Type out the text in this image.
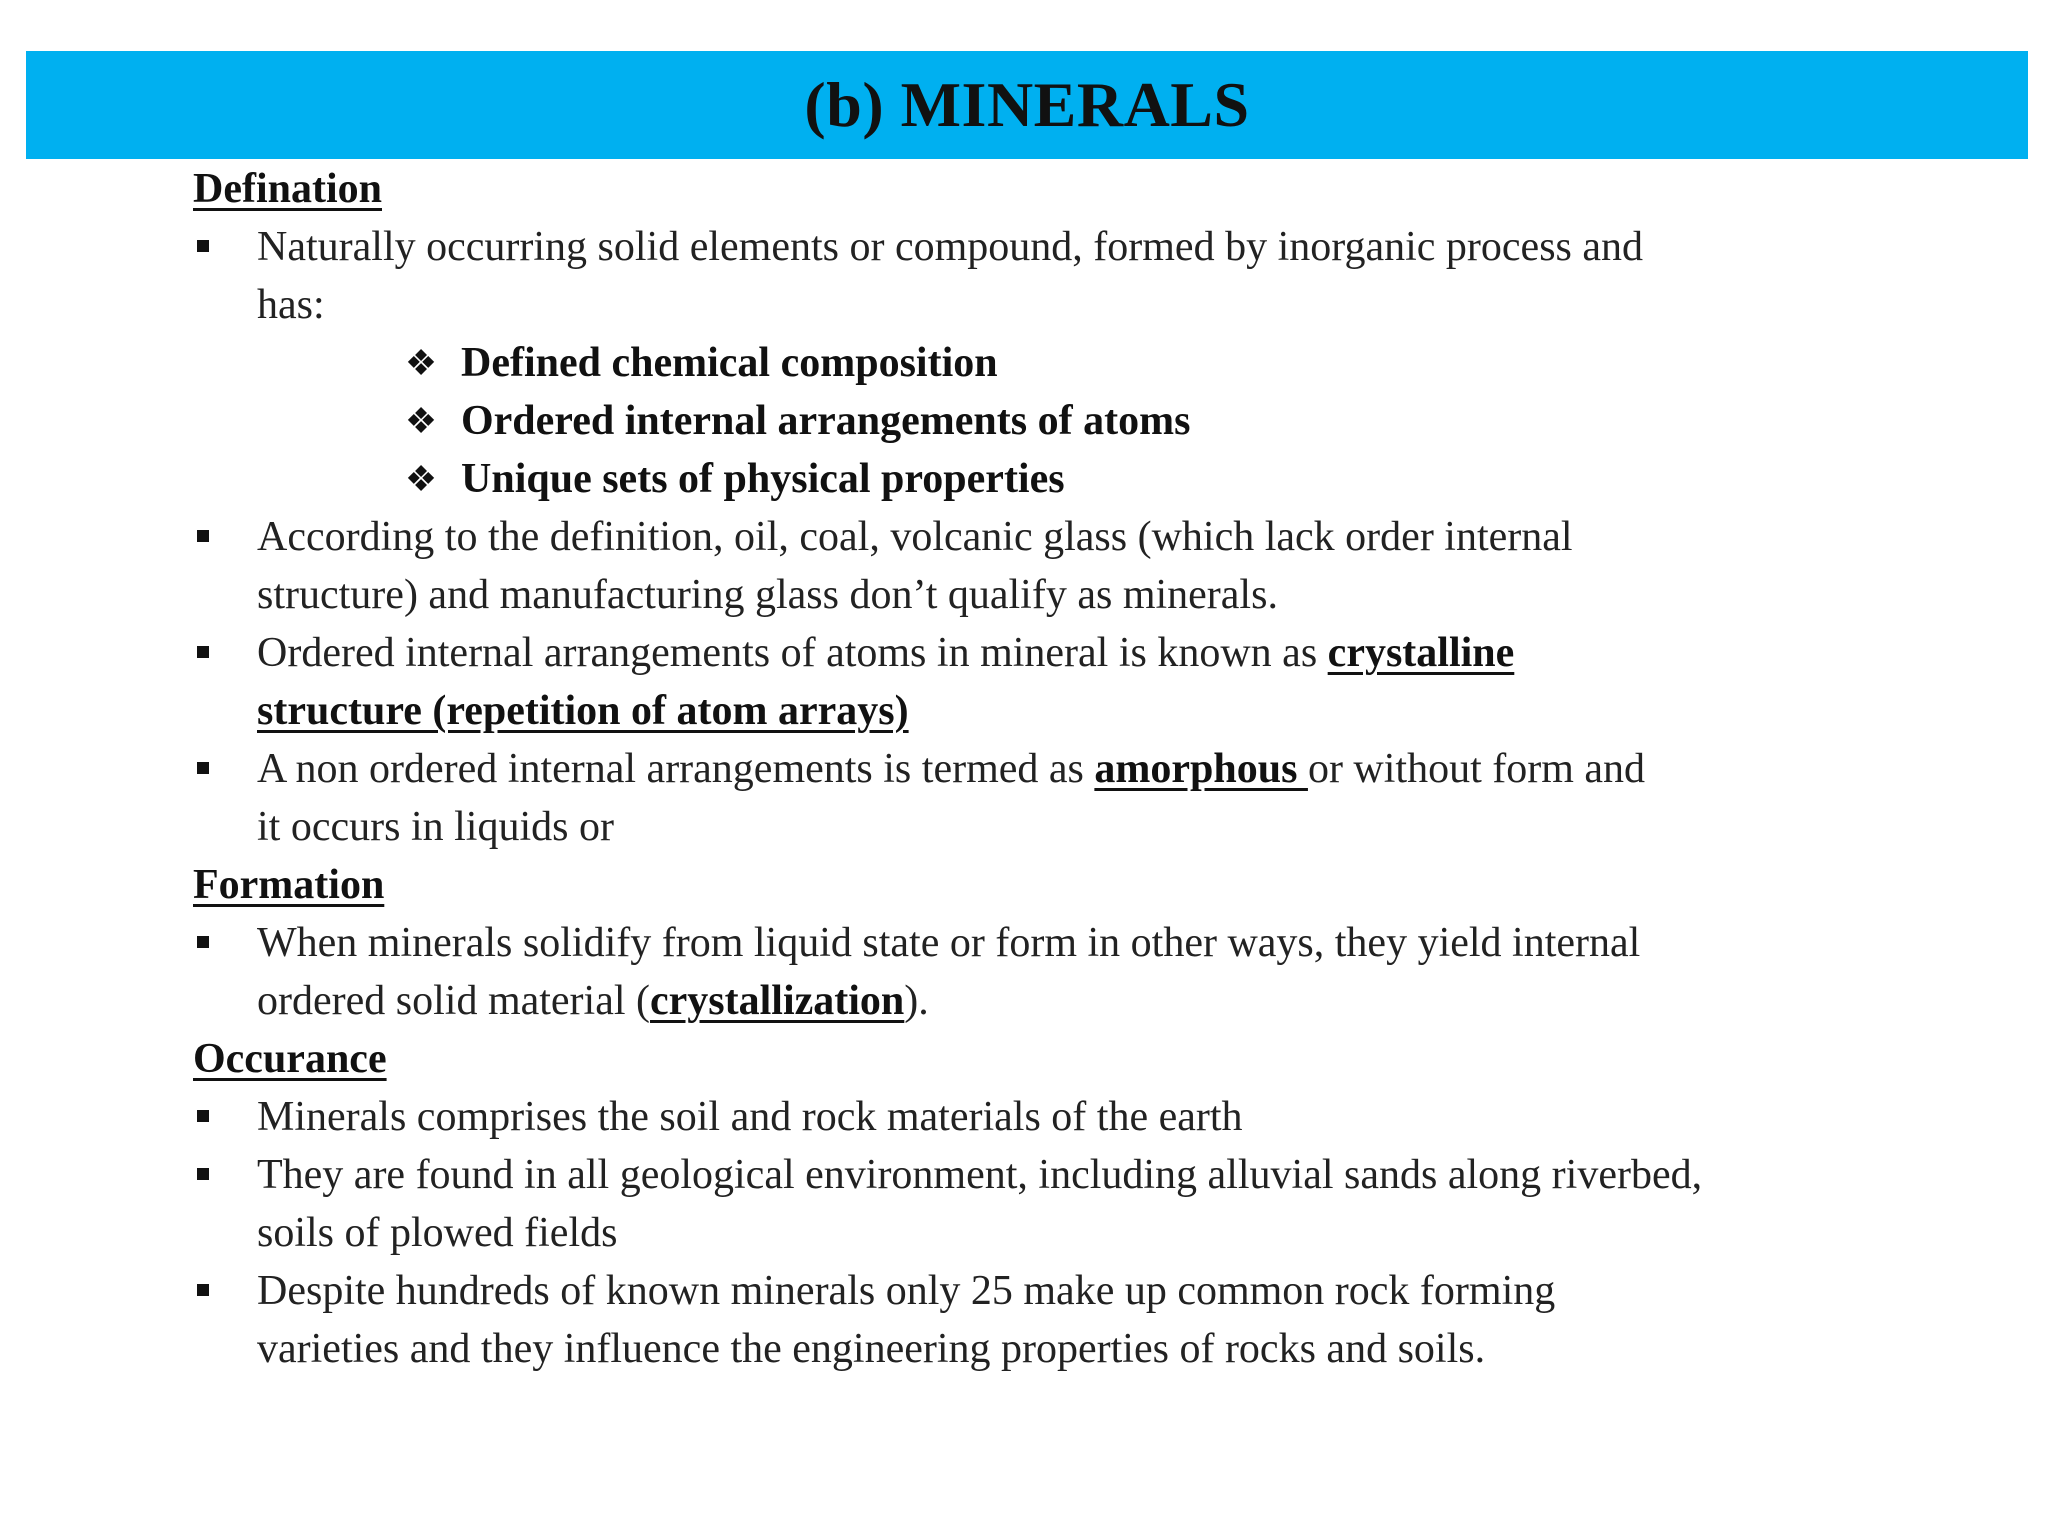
(b) MINERALS
Defination
Naturally occurring solid elements or compound, formed by inorganic process and
has:
❖ Defined chemical composition
❖ Ordered internal arrangements of atoms
❖ Unique sets of physical properties
According to the definition, oil, coal, volcanic glass (which lack order internal
structure) and manufacturing glass don’t qualify as minerals.
Ordered internal arrangements of atoms in mineral is known as crystalline
structure (repetition of atom arrays)
A non ordered internal arrangements is termed as amorphous or without form and
it occurs in liquids or
Formation
When minerals solidify from liquid state or form in other ways, they yield internal
ordered solid material (crystallization).
Occurance
Minerals comprises the soil and rock materials of the earth
They are found in all geological environment, including alluvial sands along riverbed,
soils of plowed fields
Despite hundreds of known minerals only 25 make up common rock forming
varieties and they influence the engineering properties of rocks and soils.
